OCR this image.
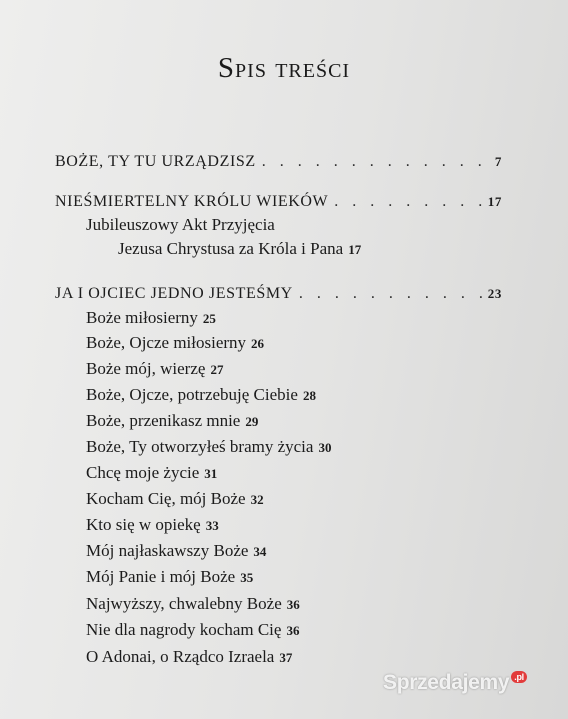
Spis treści
BOŻE, TY TU URZĄDZISZ . . .	7
NIEŚMIERTELNY KRÓLU WIEKÓW . . .	17
Jubileuszowy Akt Przyjęcia
Jezusa Chrystusa za Króla i Pana 17
JA I OJCIEC JEDNO JESTEŚMY . . .	23
Boże miłosierny 25
Boże, Ojcze miłosierny 26
Boże mój, wierzę 27
Boże, Ojcze, potrzebuję Ciebie 28
Boże, przenikasz mnie 29
Boże, Ty otworzyłeś bramy życia 30
Chcę moje życie 31
Kocham Cię, mój Boże 32
Kto się w opiekę 33
Mój najłaskawszy Boże 34
Mój Panie i mój Boże 35
Najwyższy, chwalebny Boże 36
Nie dla nagrody kocham Cię 36
O Adonai, o Rządco Izraela 37
Sprzedajemy .pl
